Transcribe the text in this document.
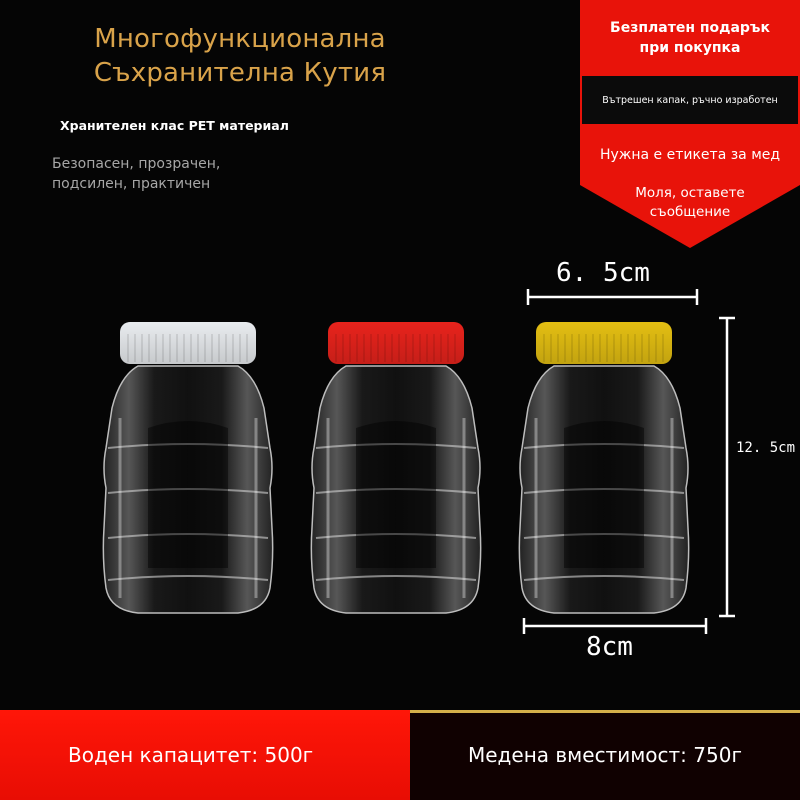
Многофункционална
Съхранителна Кутия
Хранителен клас PET материал
Безопасен, прозрачен,
подсилен, практичен
Безплатен подарък
при покупка
Вътрешен капак, ръчно изработен
Нужна е етикета за мед
Моля, оставете
съобщение
6. 5cm
8cm
12. 5cm
Воден капацитет: 500г	Медена вместимост: 750г
